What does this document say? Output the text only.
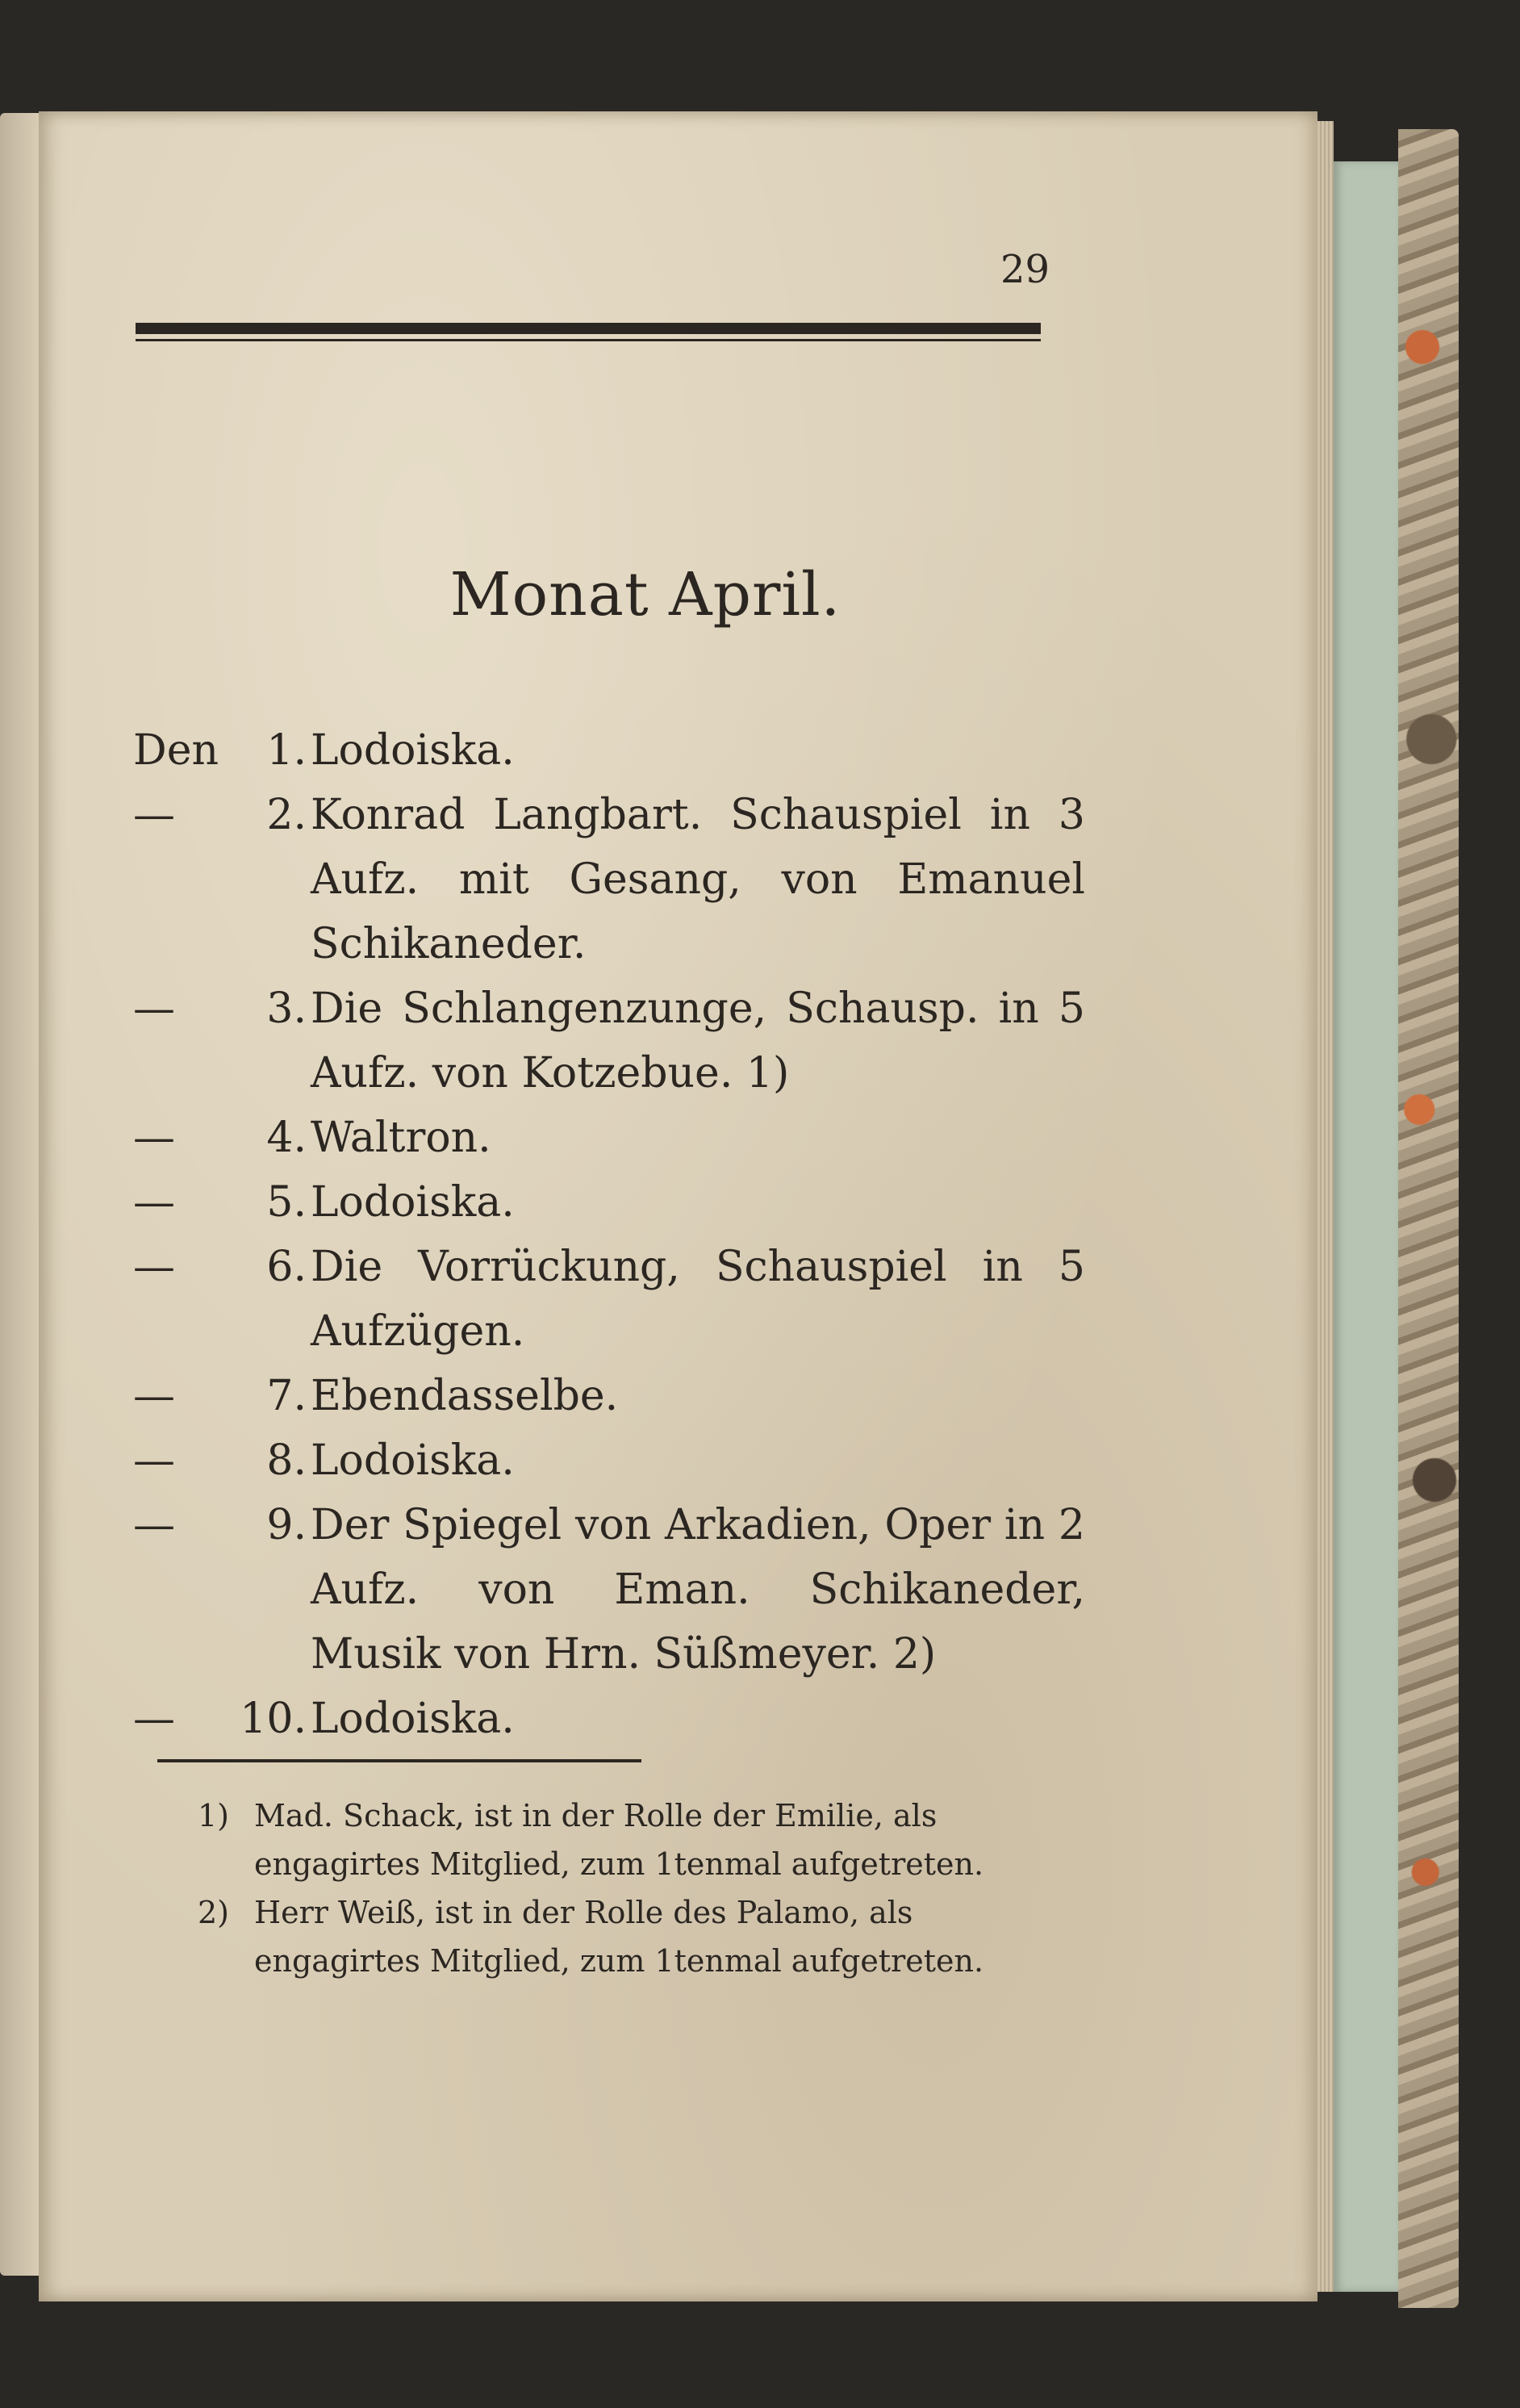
29
Monat April.
Den	1. Lodoiska.
—	2. Konrad Langbart. Schauspiel in 3 Aufz. mit Gesang, von Emanuel Schikaneder.
—	3. Die Schlangenzunge, Schausp. in 5 Aufz. von Kotzebue. 1)
—	4. Waltron.
—	5. Lodoiska.
—	6. Die Vorrückung, Schauspiel in 5 Aufzügen.
—	7. Ebendasselbe.
—	8. Lodoiska.
—	9. Der Spiegel von Arkadien, Oper in 2 Aufz. von Eman. Schikaneder, Musik von Hrn. Süßmeyer. 2)
—	10. Lodoiska.
1) Mad. Schack, ist in der Rolle der Emilie, als engagirtes Mitglied, zum 1tenmal aufgetreten.
2) Herr Weiß, ist in der Rolle des Palamo, als engagirtes Mitglied, zum 1tenmal aufgetreten.
